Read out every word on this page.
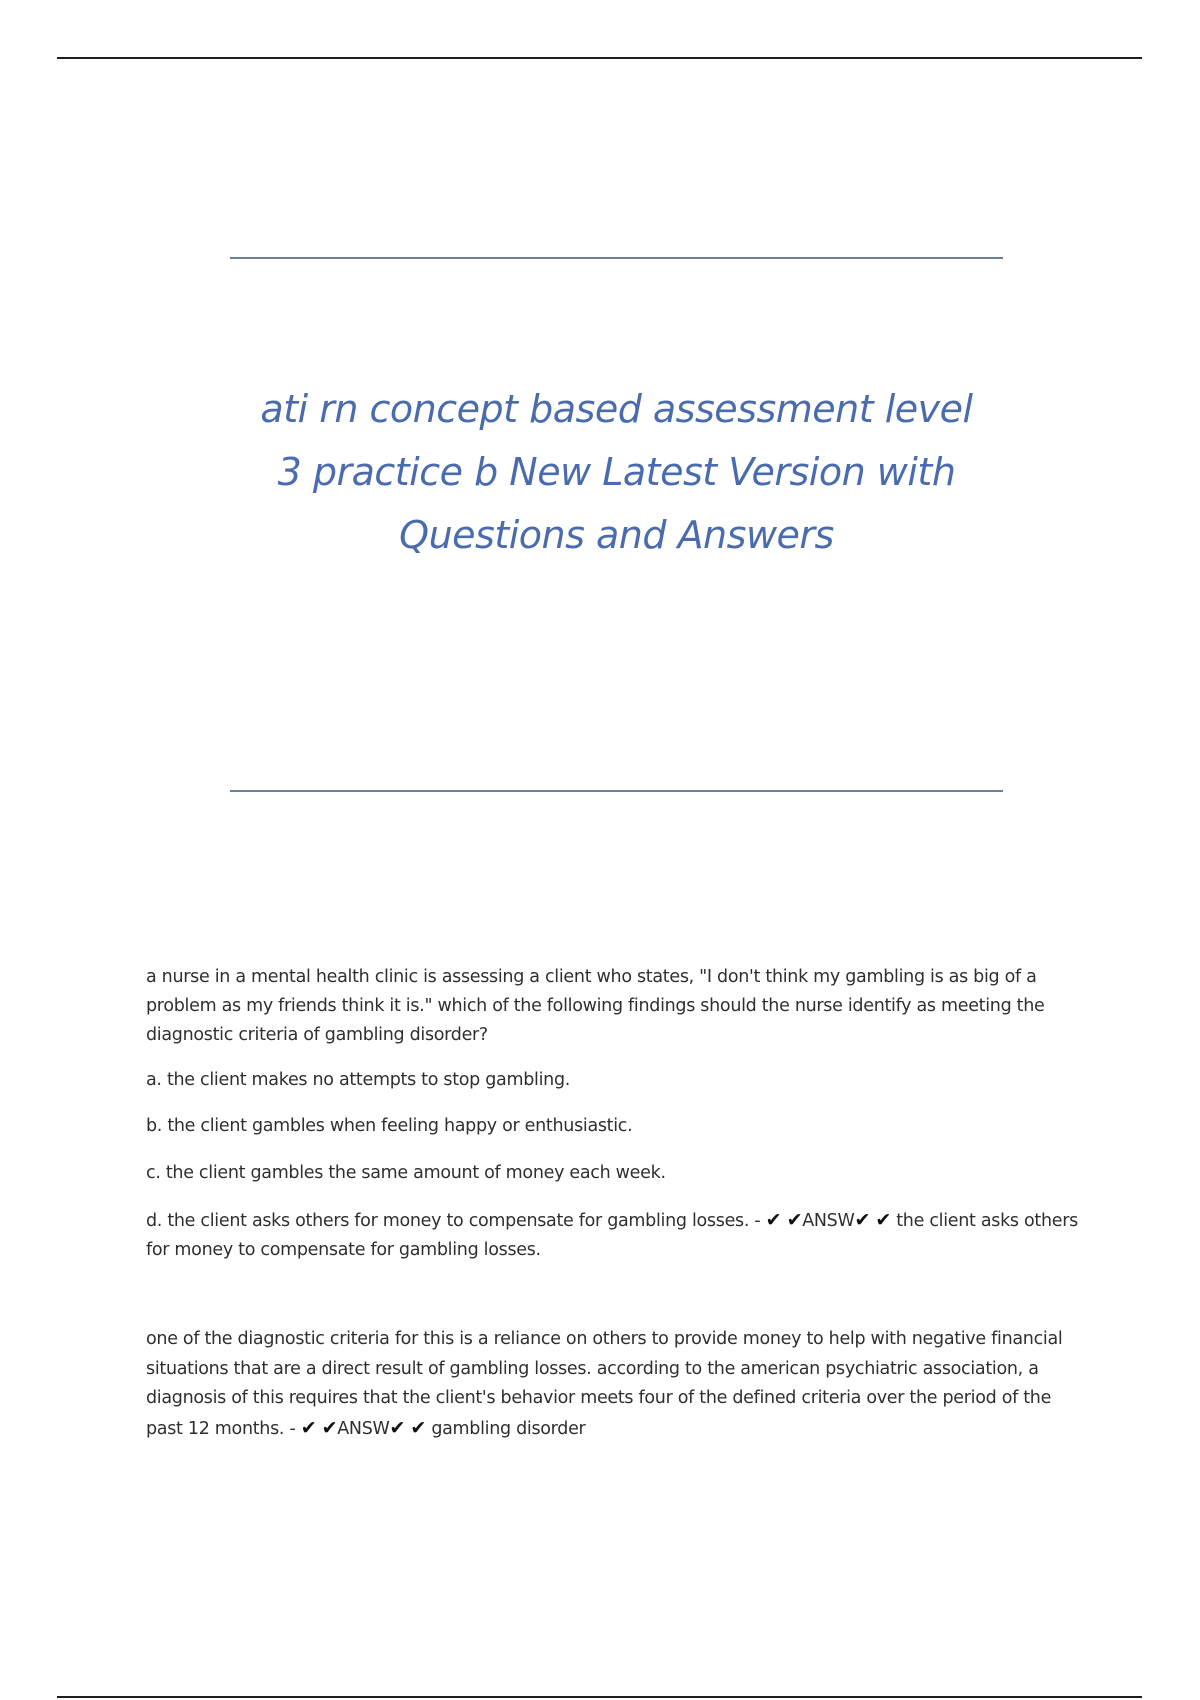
ati rn concept based assessment level
3 practice b New Latest Version with
Questions and Answers

a nurse in a mental health clinic is assessing a client who states, "I don't think my gambling is as big of a problem as my friends think it is." which of the following findings should the nurse identify as meeting the diagnostic criteria of gambling disorder?

a. the client makes no attempts to stop gambling.

b. the client gambles when feeling happy or enthusiastic.

c. the client gambles the same amount of money each week.

d. the client asks others for money to compensate for gambling losses. - ✔ ✔ANSW✔ ✔ the client asks others for money to compensate for gambling losses.

one of the diagnostic criteria for this is a reliance on others to provide money to help with negative financial situations that are a direct result of gambling losses. according to the american psychiatric association, a diagnosis of this requires that the client's behavior meets four of the defined criteria over the period of the past 12 months. - ✔ ✔ANSW✔ ✔ gambling disorder
